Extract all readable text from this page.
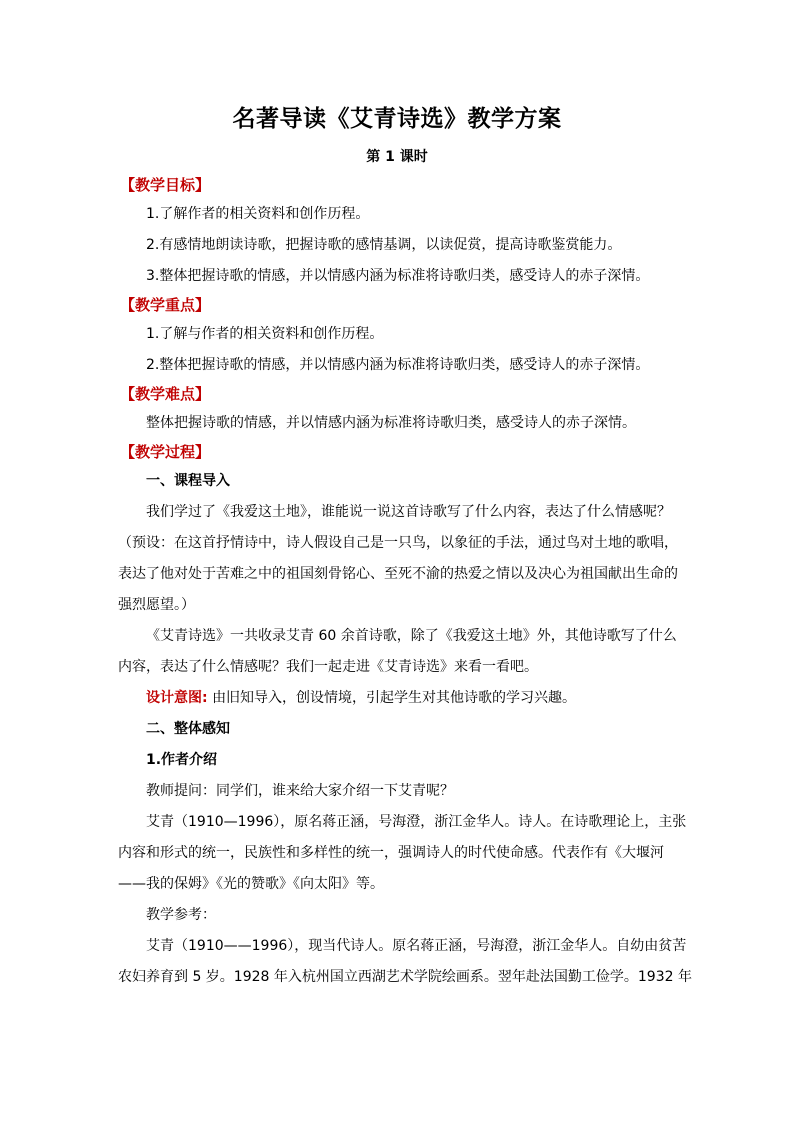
名著导读《艾青诗选》教学方案
第 1 课时
【教学目标】
1.了解作者的相关资料和创作历程。
2.有感情地朗读诗歌，把握诗歌的感情基调，以读促赏，提高诗歌鉴赏能力。
3.整体把握诗歌的情感，并以情感内涵为标准将诗歌归类，感受诗人的赤子深情。
【教学重点】
1.了解与作者的相关资料和创作历程。
2.整体把握诗歌的情感，并以情感内涵为标准将诗歌归类，感受诗人的赤子深情。
【教学难点】
整体把握诗歌的情感，并以情感内涵为标准将诗歌归类，感受诗人的赤子深情。
【教学过程】
一、课程导入
我们学过了《我爱这土地》，谁能说一说这首诗歌写了什么内容，表达了什么情感呢？
（预设：在这首抒情诗中，诗人假设自己是一只鸟，以象征的手法，通过鸟对土地的歌唱，
表达了他对处于苦难之中的祖国刻骨铭心、至死不渝的热爱之情以及决心为祖国献出生命的
强烈愿望。）
《艾青诗选》一共收录艾青 60 余首诗歌，除了《我爱这土地》外，其他诗歌写了什么
内容，表达了什么情感呢？我们一起走进《艾青诗选》来看一看吧。
设计意图: 由旧知导入，创设情境，引起学生对其他诗歌的学习兴趣。
二、整体感知
1.作者介绍
教师提问：同学们，谁来给大家介绍一下艾青呢？
艾青（1910—1996），原名蒋正涵，号海澄，浙江金华人。诗人。在诗歌理论上，主张
内容和形式的统一，民族性和多样性的统一，强调诗人的时代使命感。代表作有《大堰河
——我的保姆》《光的赞歌》《向太阳》等。
教学参考：
艾青（1910——1996），现当代诗人。原名蒋正涵，号海澄，浙江金华人。自幼由贫苦
农妇养育到 5 岁。1928 年入杭州国立西湖艺术学院绘画系。翌年赴法国勤工俭学。1932 年
